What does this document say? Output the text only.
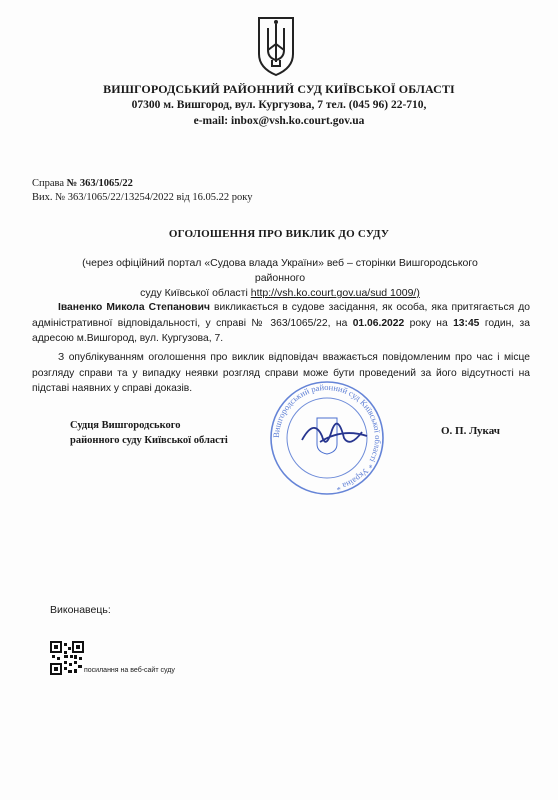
ВИШГОРОДСЬКИЙ РАЙОННИЙ СУД КИЇВСЬКОЇ ОБЛАСТІ
07300 м. Вишгород, вул. Кургузова, 7 тел. (045 96) 22-710,
e-mail: inbox@vsh.ko.court.gov.ua
Справа № 363/1065/22
Вих. № 363/1065/22/13254/2022 від 16.05.22 року
ОГОЛОШЕННЯ ПРО ВИКЛИК ДО СУДУ
(через офіційний портал «Судова влада України» веб – сторінки Вишгородського районного
суду Київської області http://vsh.ko.court.gov.ua/sud 1009/)
Іваненко Микола Степанович викликається в судове засідання, як особа, яка притягається до адміністративної відповідальності, у справі № 363/1065/22, на 01.06.2022 року на 13:45 годин, за адресою м.Вишгород, вул. Кургузова, 7.
З опублікуванням оголошення про виклик відповідач вважається повідомленим про час і місце розгляду справи та у випадку неявки розгляд справи може бути проведений за його відсутності на підставі наявних у справі доказів.
Судця Вишгородського
районного суду Київської області	Вишгородський районний суд Київської області * Україна *
О. П. Лукач
Виконавець:
посилання на веб-сайт суду
